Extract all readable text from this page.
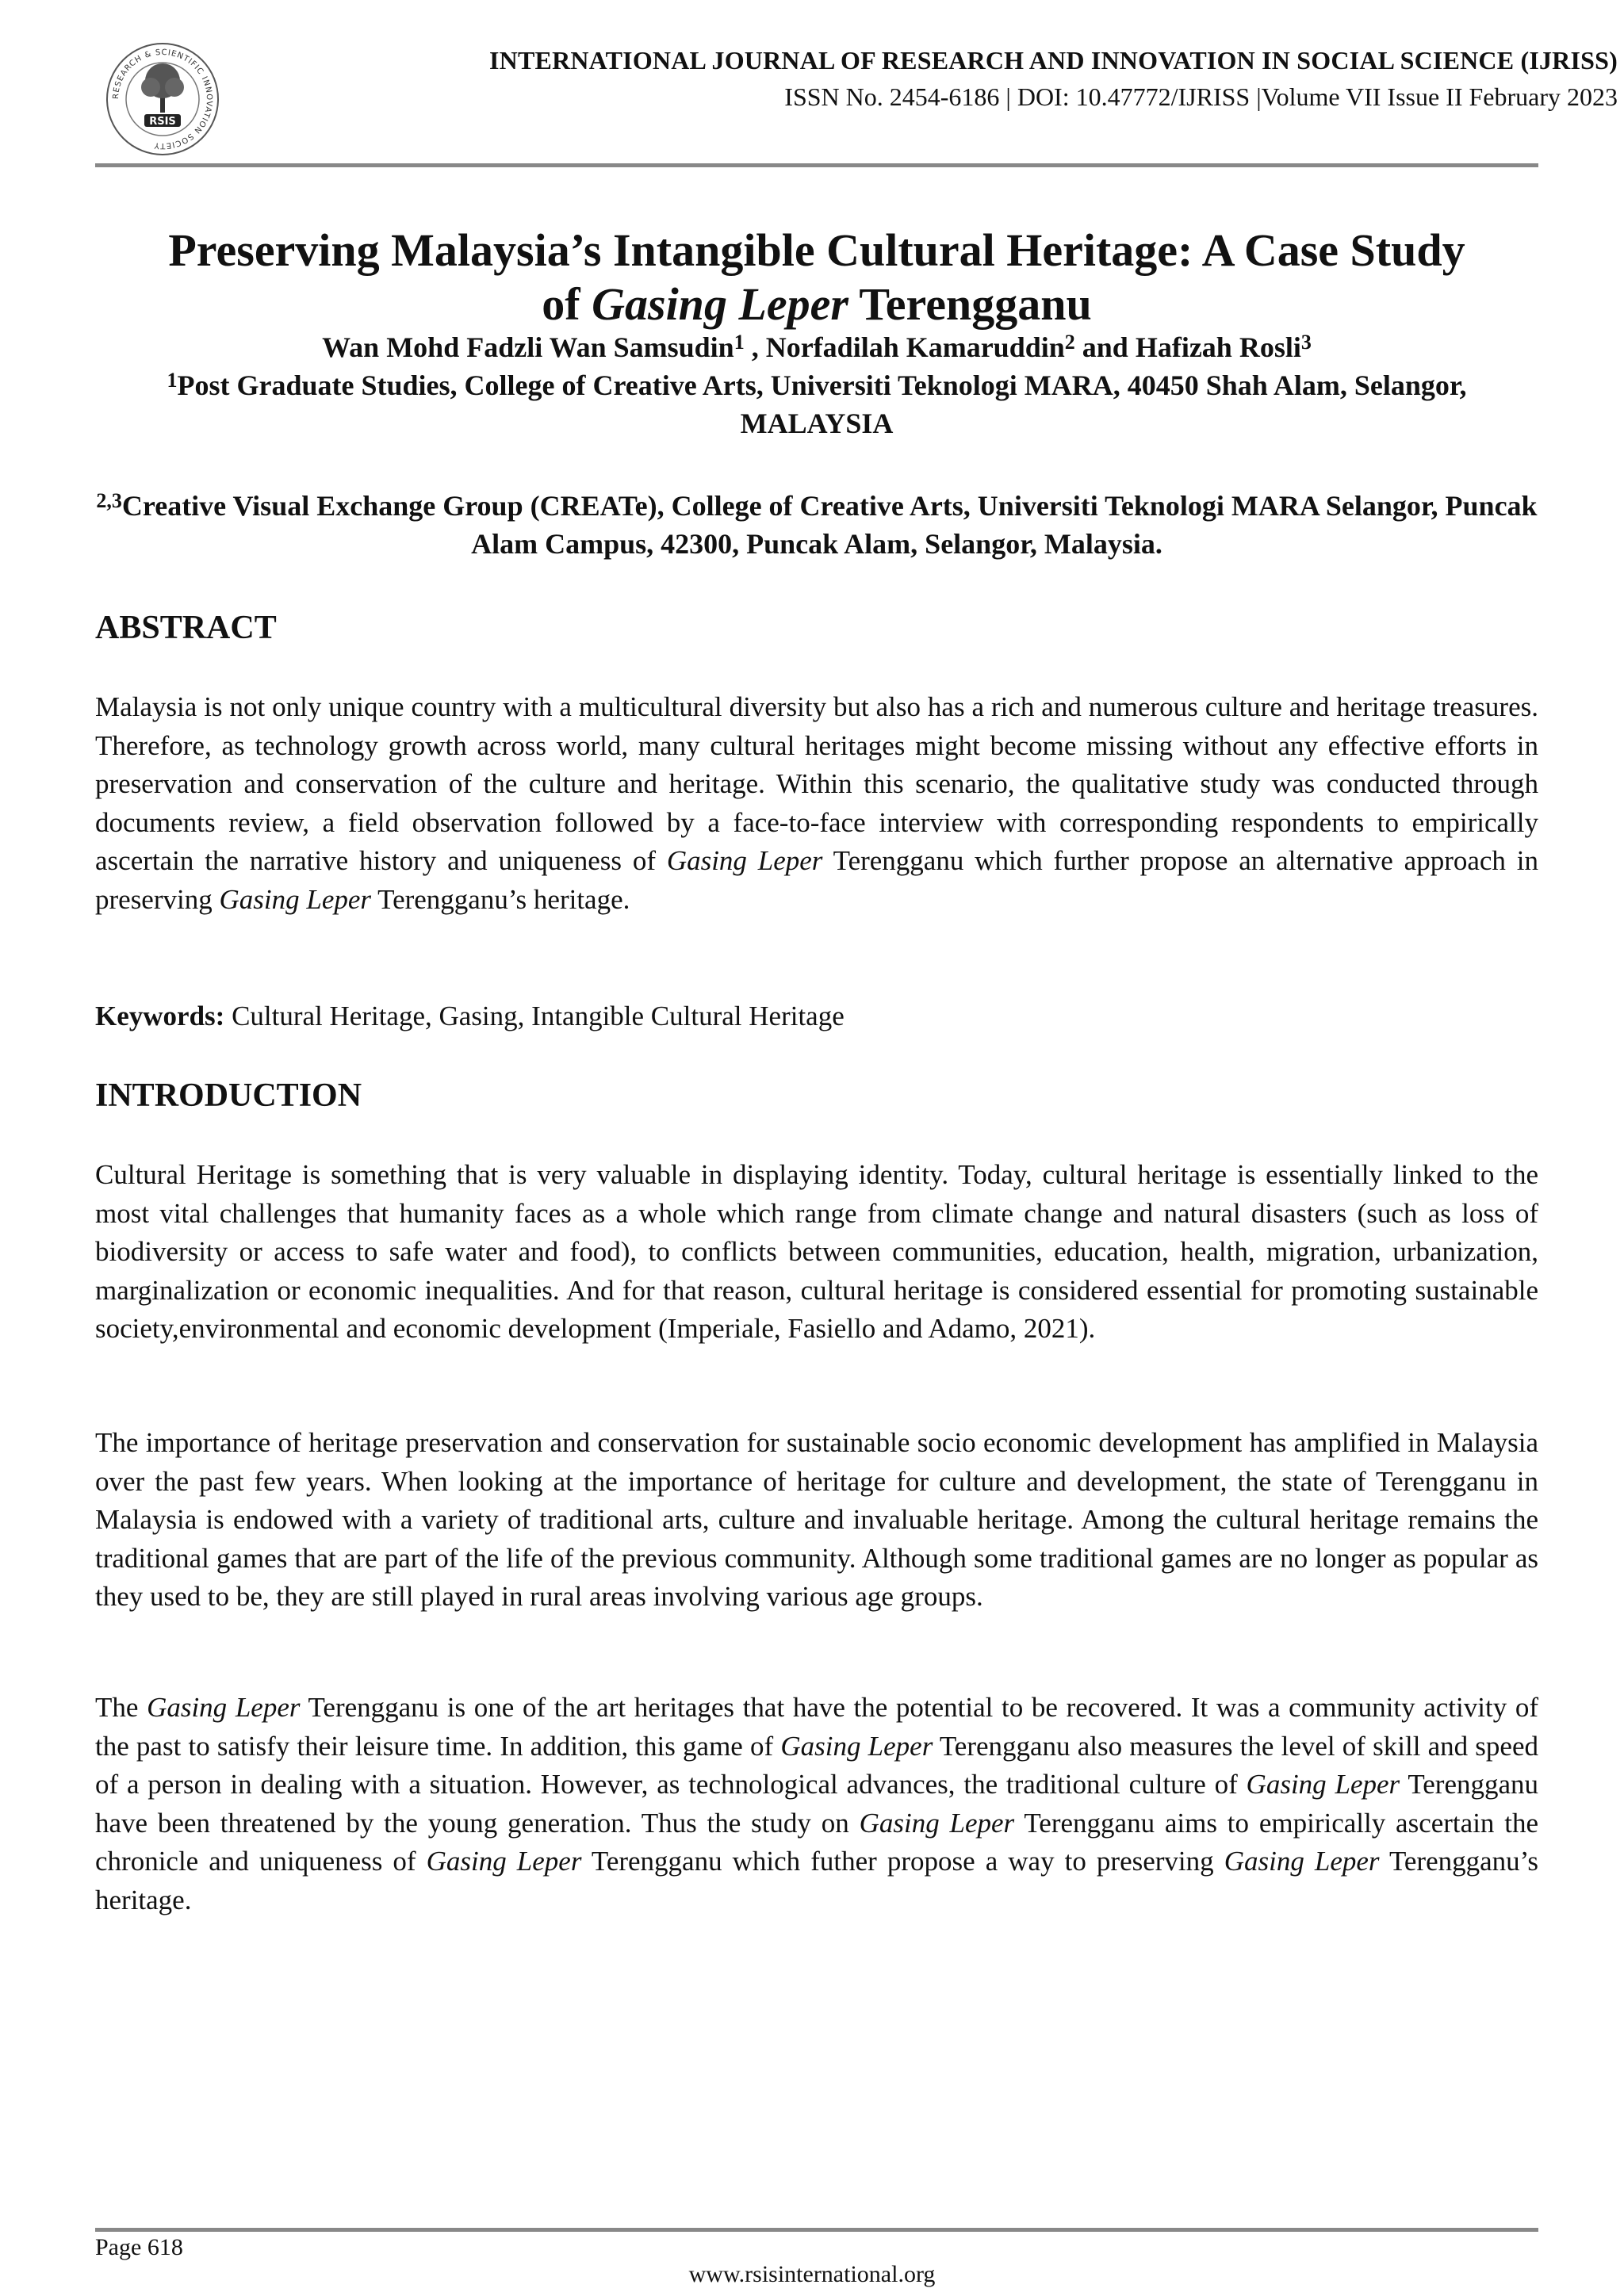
RESEARCH & SCIENTIFIC INNOVATION SOCIETY
RSIS
INTERNATIONAL JOURNAL OF RESEARCH AND INNOVATION IN SOCIAL SCIENCE (IJRISS)
ISSN No. 2454-6186 | DOI: 10.47772/IJRISS |Volume VII Issue II February 2023
Preserving Malaysia’s Intangible Cultural Heritage: A Case Study
of Gasing Leper Terengganu

Wan Mohd Fadzli Wan Samsudin$^1$ , Norfadilah Kamaruddin$^2$ and Hafizah Rosli$^3$

$^1$Post Graduate Studies, College of Creative Arts, Universiti Teknologi MARA, 40450 Shah Alam, Selangor, MALAYSIA

$^{2,3}$Creative Visual Exchange Group (CREATe), College of Creative Arts, Universiti Teknologi MARA Selangor, Puncak Alam Campus, 42300, Puncak Alam, Selangor, Malaysia.

ABSTRACT

Malaysia is not only unique country with a multicultural diversity but also has a rich and numerous culture and heritage treasures. Therefore, as technology growth across world, many cultural heritages might become missing without any effective efforts in preservation and conservation of the culture and heritage. Within this scenario, the qualitative study was conducted through documents review, a field observation followed by a face-to-face interview with corresponding respondents to empirically ascertain the narrative history and uniqueness of Gasing Leper Terengganu which further propose an alternative approach in preserving Gasing Leper Terengganu’s heritage.

Keywords: Cultural Heritage, Gasing, Intangible Cultural Heritage

INTRODUCTION

Cultural Heritage is something that is very valuable in displaying identity. Today, cultural heritage is essentially linked to the most vital challenges that humanity faces as a whole which range from climate change and natural disasters (such as loss of biodiversity or access to safe water and food), to conflicts between communities, education, health, migration, urbanization, marginalization or economic inequalities. And for that reason, cultural heritage is considered essential for promoting sustainable society,environmental and economic development (Imperiale, Fasiello and Adamo, 2021).

The importance of heritage preservation and conservation for sustainable socio economic development has amplified in Malaysia over the past few years. When looking at the importance of heritage for culture and development, the state of Terengganu in Malaysia is endowed with a variety of traditional arts, culture and invaluable heritage. Among the cultural heritage remains the traditional games that are part of the life of the previous community. Although some traditional games are no longer as popular as they used to be, they are still played in rural areas involving various age groups.

The Gasing Leper Terengganu is one of the art heritages that have the potential to be recovered. It was a community activity of the past to satisfy their leisure time. In addition, this game of Gasing Leper Terengganu also measures the level of skill and speed of a person in dealing with a situation. However, as technological advances, the traditional culture of Gasing Leper Terengganu have been threatened by the young generation. Thus the study on Gasing Leper Terengganu aims to empirically ascertain the chronicle and uniqueness of Gasing Leper Terengganu which futher propose a way to preserving Gasing Leper Terengganu’s heritage.

Page 618
www.rsisinternational.org
